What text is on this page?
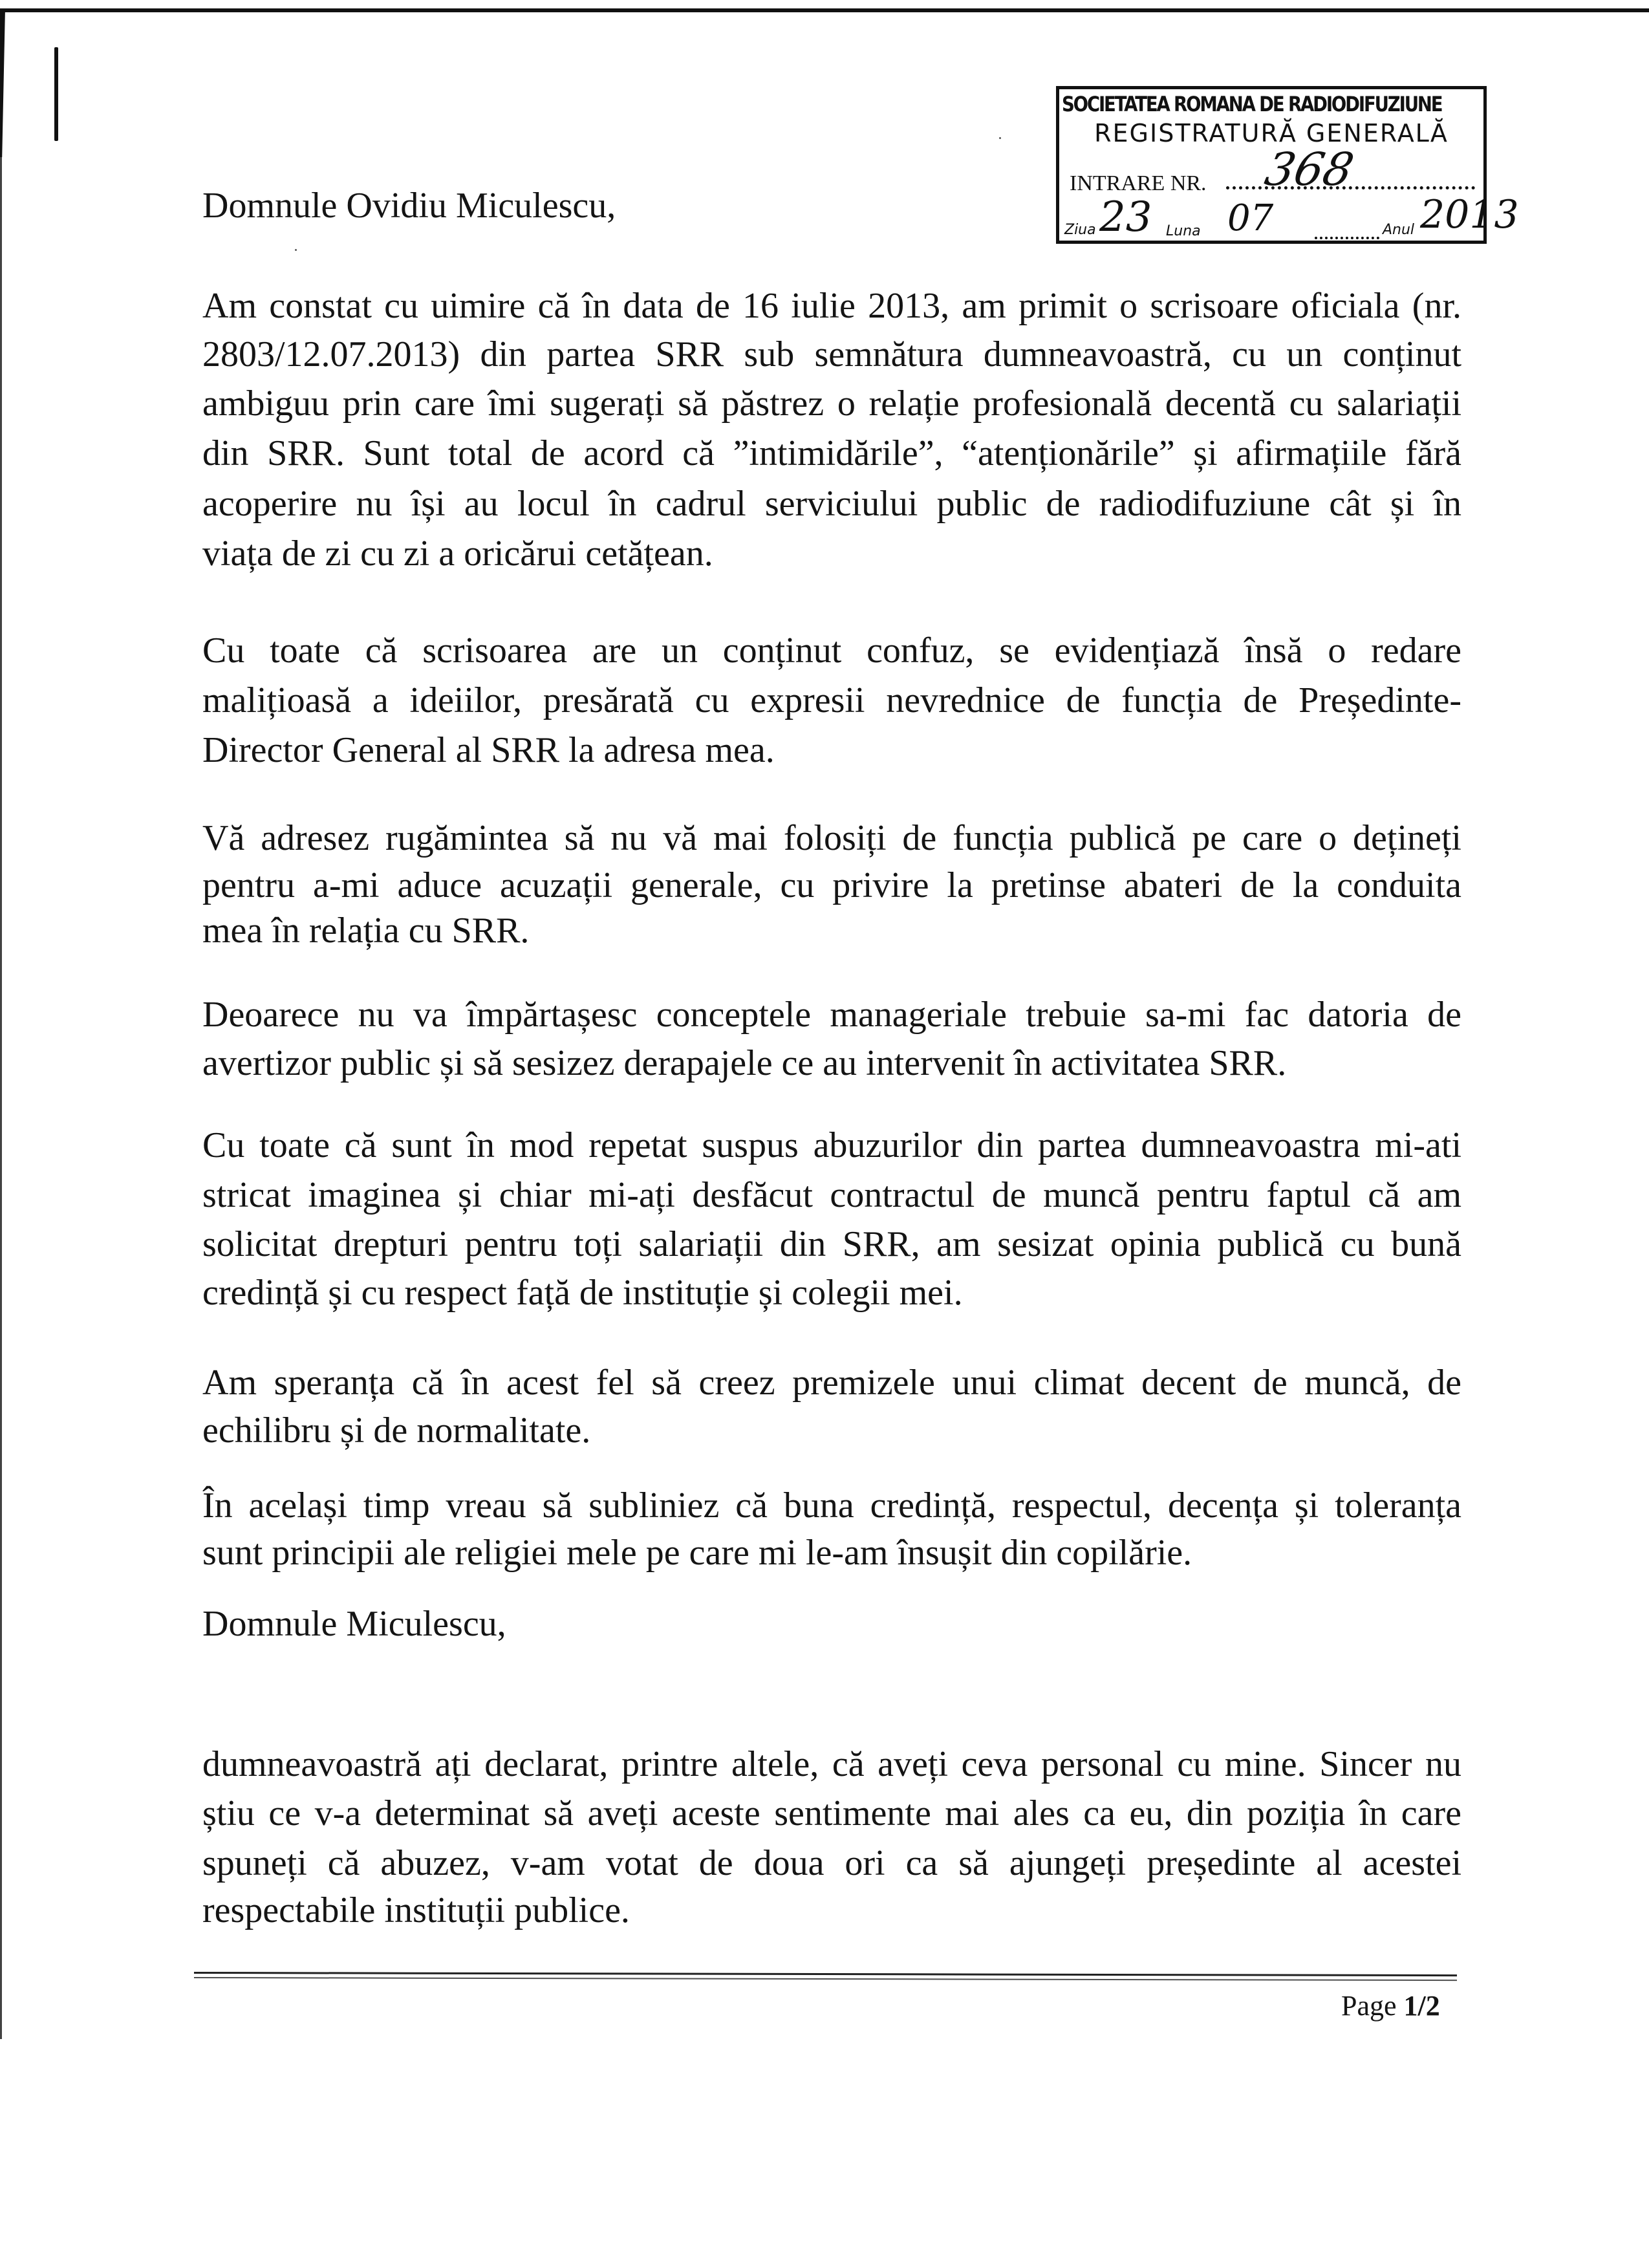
SOCIETATEA ROMANA DE RADIODIFUZIUNE
REGISTRATURĂ GENERALĂ
INTRARE NR. 368
Ziua 23 Luna 07	Anul 2013
Domnule Ovidiu Miculescu,
Am constat cu uimire că în data de 16 iulie 2013, am primit o scrisoare oficiala (nr.
2803/12.07.2013) din partea SRR sub semnătura dumneavoastră, cu un conținut
ambiguu prin care îmi sugerați să păstrez o relație profesională decentă cu salariații
din SRR. Sunt total de acord că ”intimidările”, “atenționările” și afirmațiile fără
acoperire nu își au locul în cadrul serviciului public de radiodifuziune cât și în
viața de zi cu zi a oricărui cetățean.
Cu toate că scrisoarea are un conținut confuz, se evidențiază însă o redare
malițioasă a ideiilor, presărată cu expresii nevrednice de funcția de Președinte-
Director General al SRR la adresa mea.
Vă adresez rugămintea să nu vă mai folosiți de funcția publică pe care o dețineți
pentru a-mi aduce acuzații generale, cu privire la pretinse abateri de la conduita
mea în relația cu SRR.
Deoarece nu va împărtașesc conceptele manageriale trebuie sa-mi fac datoria de
avertizor public și să sesizez derapajele ce au intervenit în activitatea SRR.
Cu toate că sunt în mod repetat suspus abuzurilor din partea dumneavoastra mi-ati
stricat imaginea și chiar mi-ați desfăcut contractul de muncă pentru faptul că am
solicitat drepturi pentru toți salariații din SRR, am sesizat opinia publică cu bună
credință și cu respect față de instituție și colegii mei.
Am speranța că în acest fel să creez premizele unui climat decent de muncă, de
echilibru și de normalitate.
În același timp vreau să subliniez că buna credință, respectul, decența și toleranța
sunt principii ale religiei mele pe care mi le-am însușit din copilărie.
Domnule Miculescu,
dumneavoastră ați declarat, printre altele, că aveți ceva personal cu mine. Sincer nu
știu ce v-a determinat să aveți aceste sentimente mai ales ca eu, din poziția în care
spuneți că abuzez, v-am votat de doua ori ca să ajungeți președinte al acestei
respectabile instituții publice.
Page 1/2
